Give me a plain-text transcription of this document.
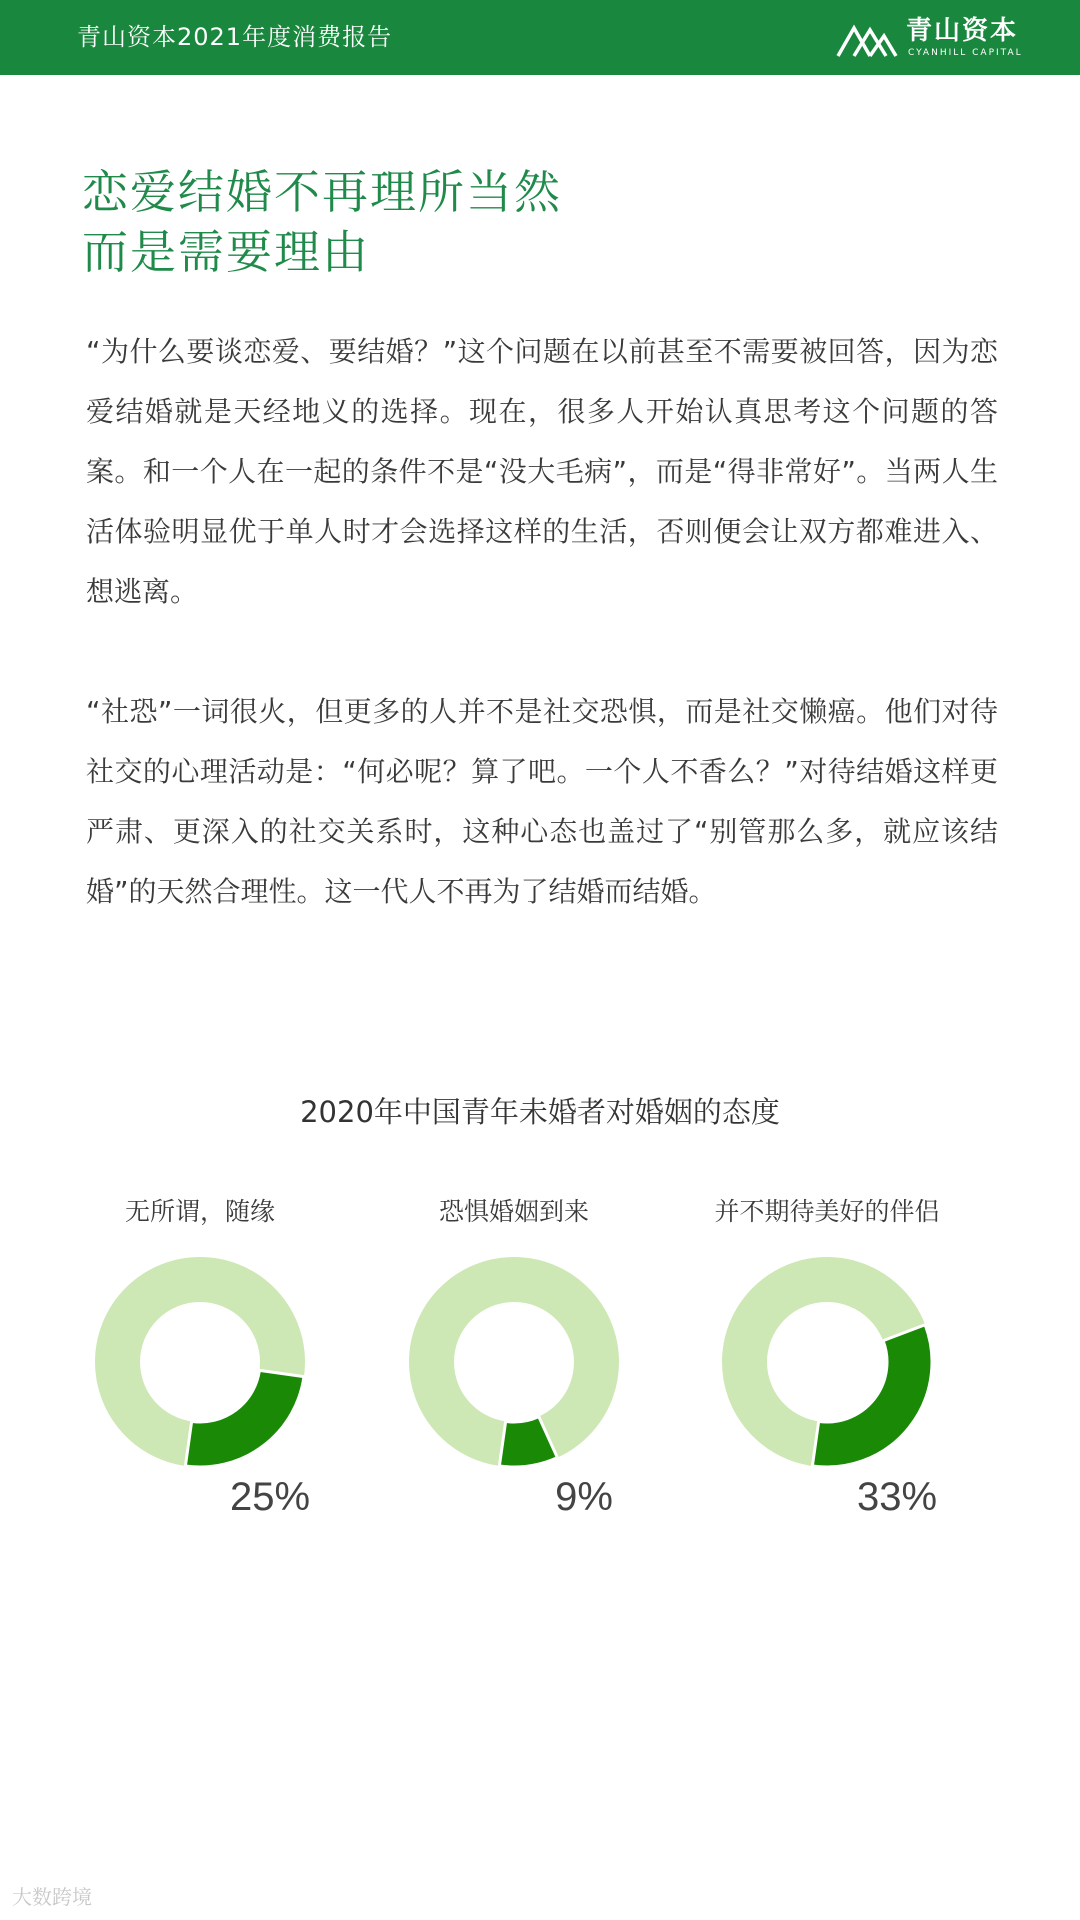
青山资本2021年度消费报告	青山资本
CYANHILL CAPITAL
恋爱结婚不再理所当然
而是需要理由

“为什么要谈恋爱、要结婚？”这个问题在以前甚至不需要被回答，因为恋爱结婚就是天经地义的选择。现在，很多人开始认真思考这个问题的答案。和一个人在一起的条件不是“没大毛病”，而是“得非常好”。当两人生活体验明显优于单人时才会选择这样的生活，否则便会让双方都难进入、想逃离。

“社恐”一词很火，但更多的人并不是社交恐惧，而是社交懒癌。他们对待社交的心理活动是：“何必呢？算了吧。一个人不香么？”对待结婚这样更严肃、更深入的社交关系时，这种心态也盖过了“别管那么多，就应该结婚”的天然合理性。这一代人不再为了结婚而结婚。

2020年中国青年未婚者对婚姻的态度
无所谓，随缘
25%
恐惧婚姻到来
9%
并不期待美好的伴侣
33%
大数跨境
